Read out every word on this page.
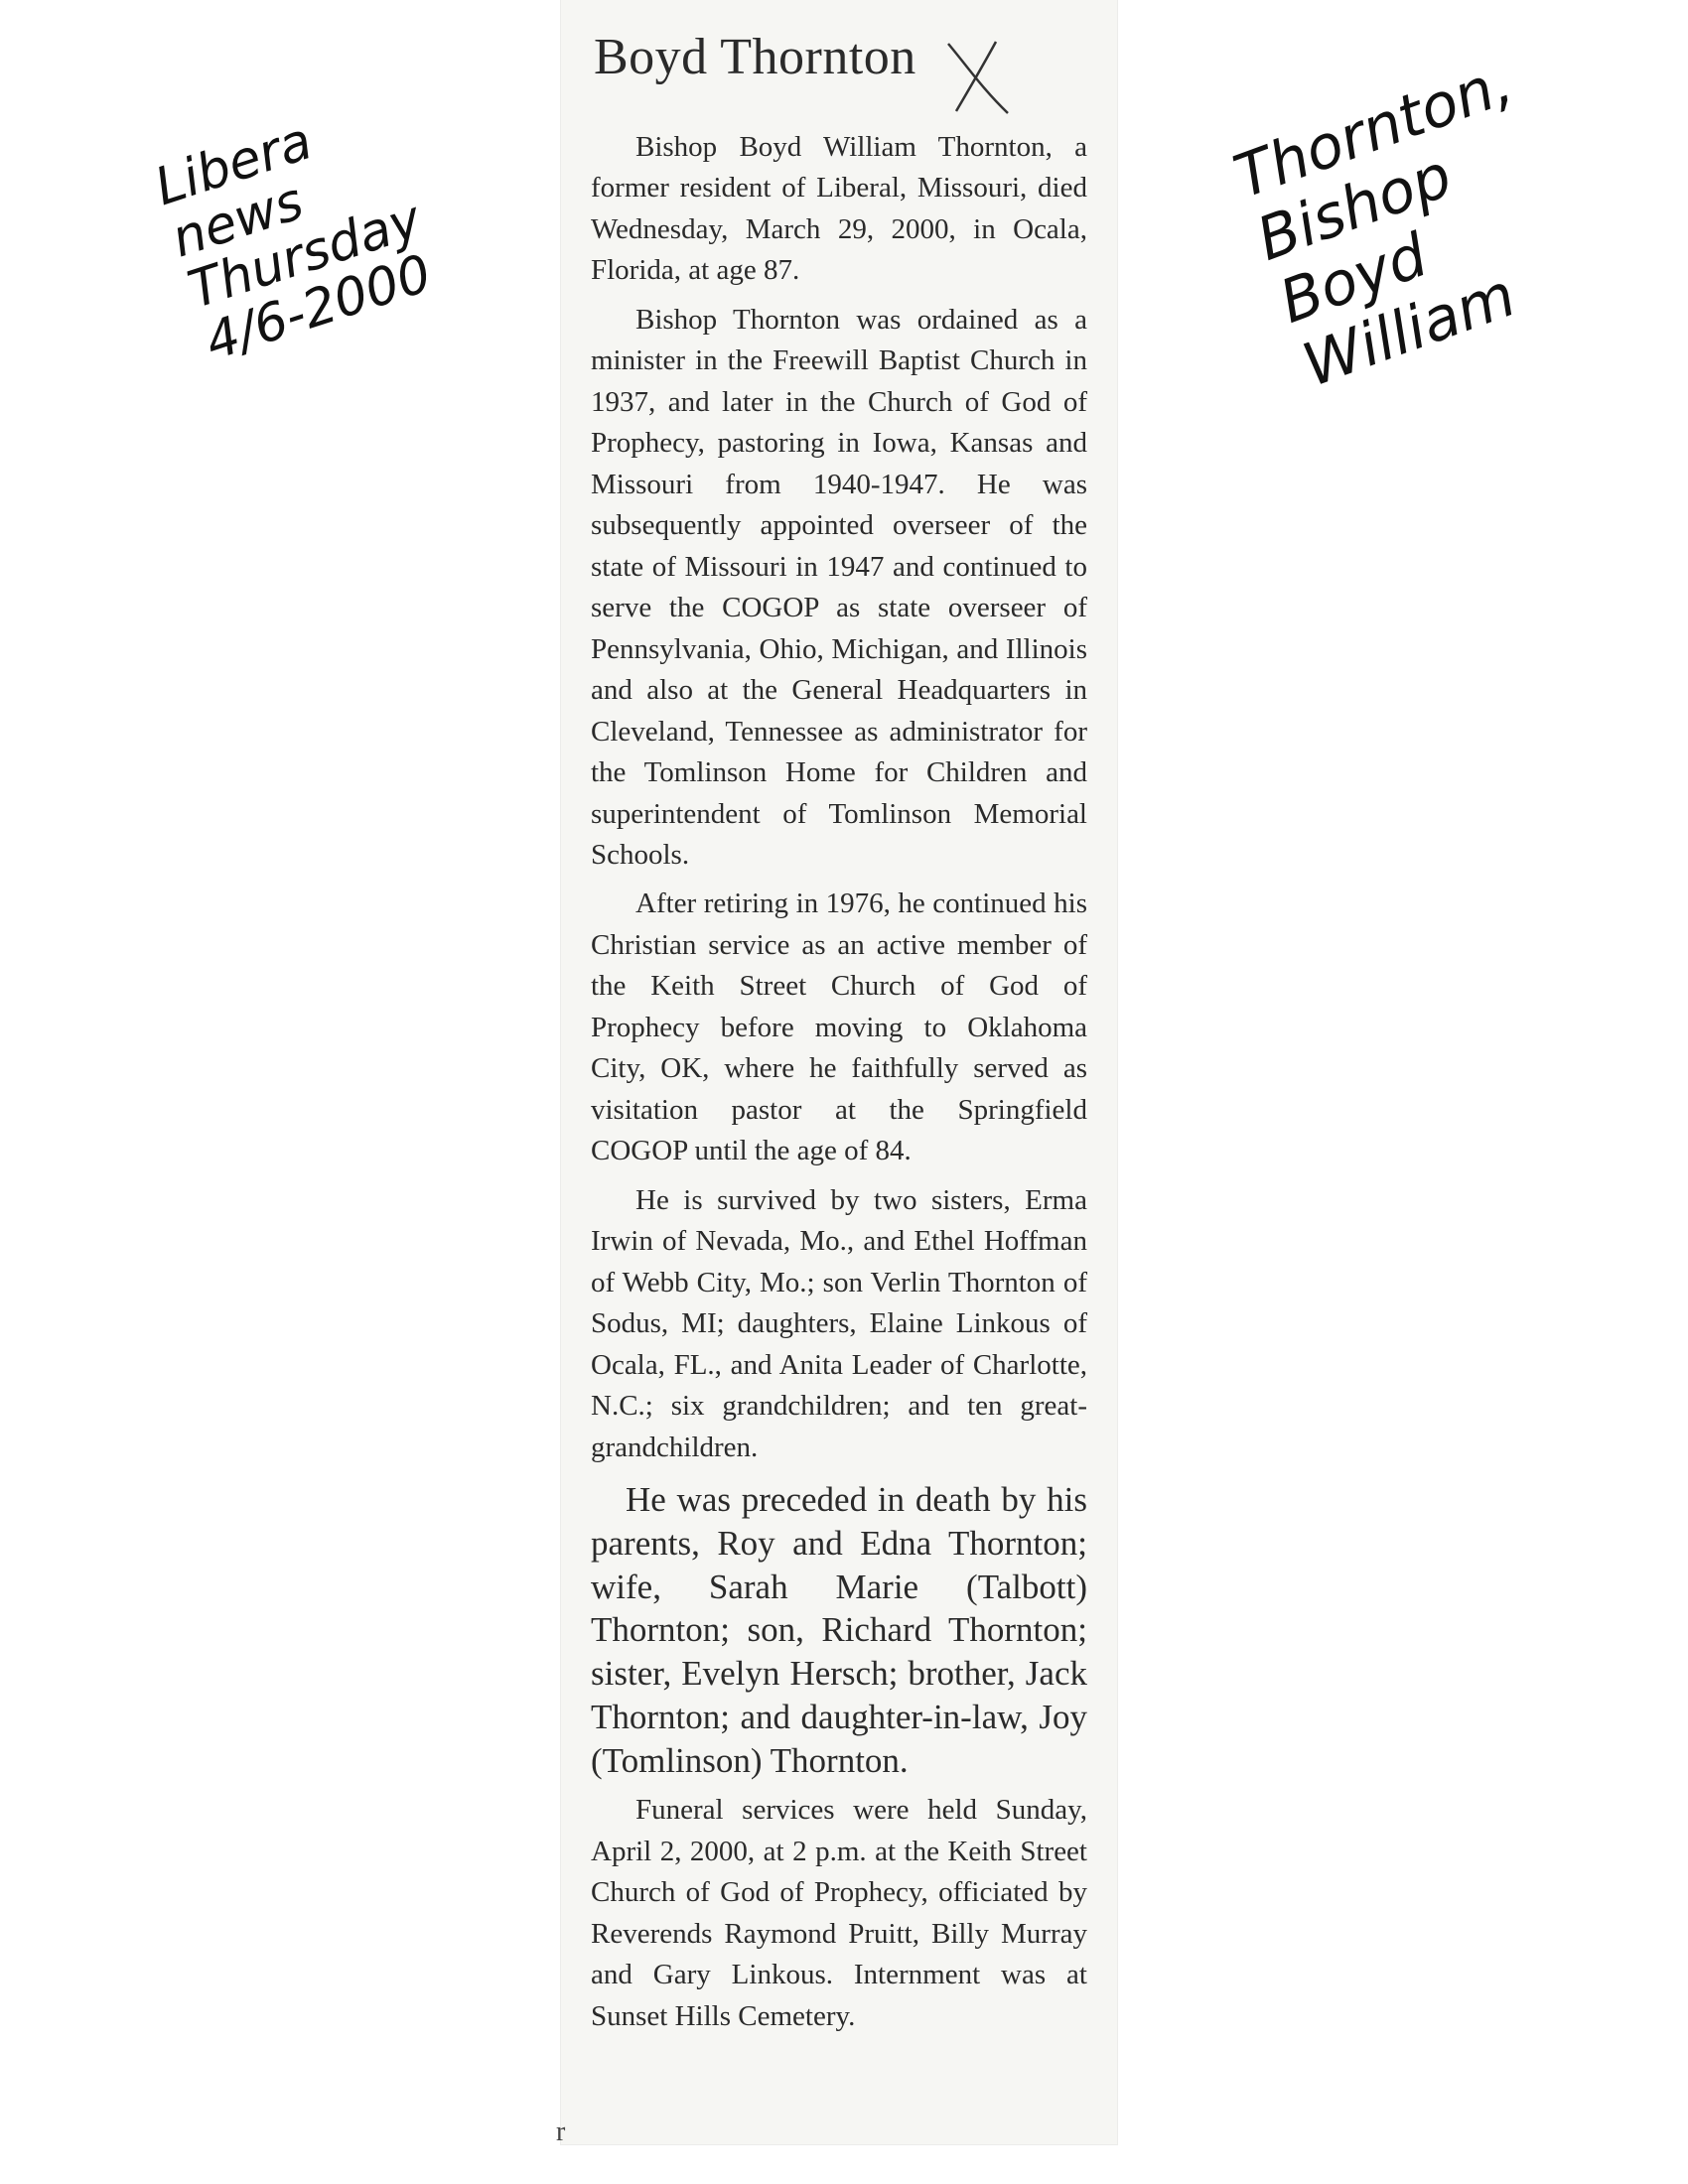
Boyd Thornton

Bishop Boyd William Thornton, a former resident of Liberal, Missouri, died Wednesday, March 29, 2000, in Ocala, Florida, at age 87.

Bishop Thornton was ordained as a minister in the Freewill Baptist Church in 1937, and later in the Church of God of Prophecy, pastoring in Iowa, Kansas and Missouri from 1940-1947. He was subsequently appointed overseer of the state of Missouri in 1947 and continued to serve the COGOP as state overseer of Pennsylvania, Ohio, Michigan, and Illinois and also at the General Headquarters in Cleveland, Tennessee as administrator for the Tomlinson Home for Children and superintendent of Tomlinson Memorial Schools.

After retiring in 1976, he continued his Christian service as an active member of the Keith Street Church of God of Prophecy before moving to Oklahoma City, OK, where he faithfully served as visitation pastor at the Springfield COGOP until the age of 84.

He is survived by two sisters, Erma Irwin of Nevada, Mo., and Ethel Hoffman of Webb City, Mo.; son Verlin Thornton of Sodus, MI; daughters, Elaine Linkous of Ocala, FL., and Anita Leader of Charlotte, N.C.; six grandchildren; and ten great-grandchildren.

He was preceded in death by his parents, Roy and Edna Thornton; wife, Sarah Marie (Talbott) Thornton; son, Richard Thornton; sister, Evelyn Hersch; brother, Jack Thornton; and daughter-in-law, Joy (Tomlinson) Thornton.

Funeral services were held Sunday, April 2, 2000, at 2 p.m. at the Keith Street Church of God of Prophecy, officiated by Reverends Raymond Pruitt, Billy Murray and Gary Linkous. Internment was at Sunset Hills Cemetery.

Libera
news
Thursday
4/6-2000
Thornton,
Bishop
Boyd
William
r
